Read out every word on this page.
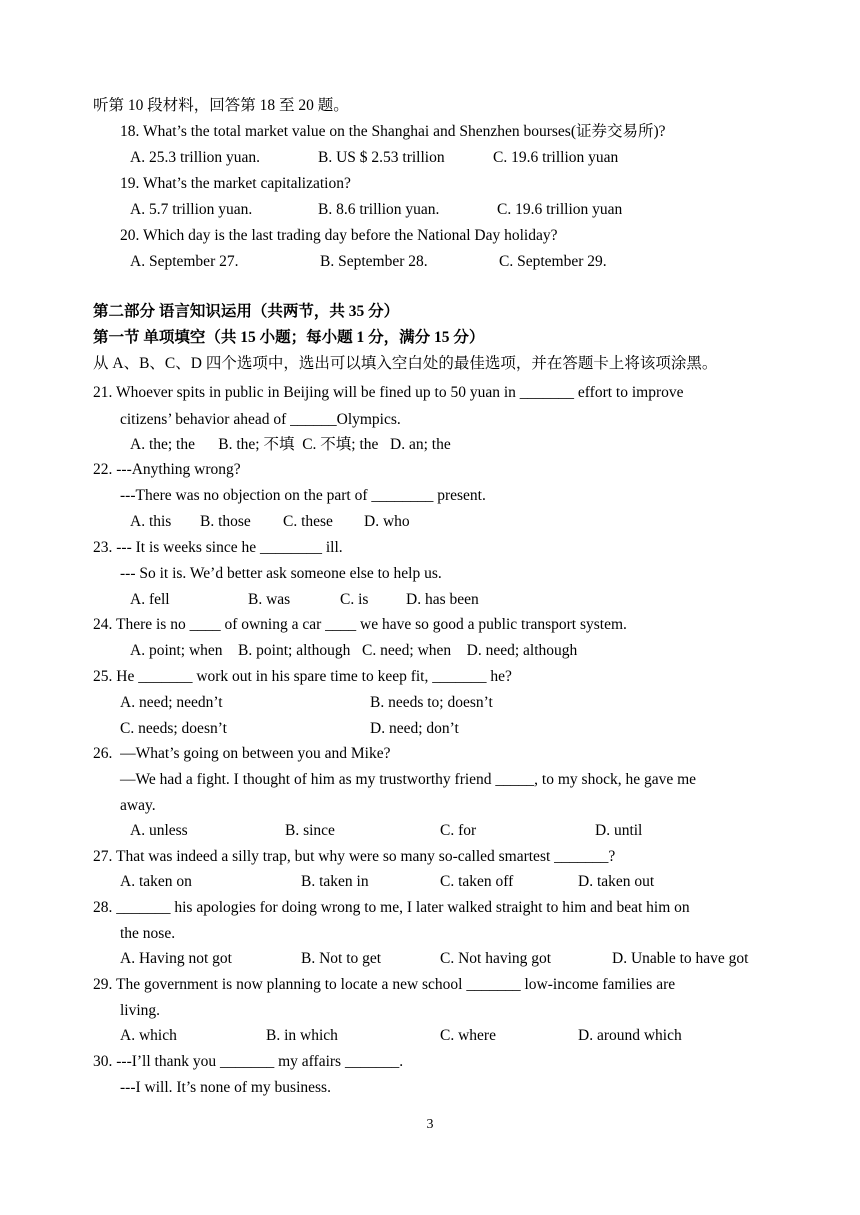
听第 10 段材料，回答第 18 至 20 题。
18. What’s the total market value on the Shanghai and Shenzhen bourses(证券交易所)?
A. 25.3 trillion yuan.	B. US $ 2.53 trillion	C. 19.6 trillion yuan
19. What’s the market capitalization?
A. 5.7 trillion yuan.	B. 8.6 trillion yuan.	C. 19.6 trillion yuan
20. Which day is the last trading day before the National Day holiday?
A. September 27.	B. September 28.	C. September 29.
第二部分 语言知识运用（共两节，共 35 分）
第一节 单项填空（共 15 小题；每小题 1 分，满分 15 分）
从 A、B、C、D 四个选项中，选出可以填入空白处的最佳选项，并在答题卡上将该项涂黑。
21. Whoever spits in public in Beijing will be fined up to 50 yuan in _______ effort to improve
citizens’ behavior ahead of ______Olympics.
A. the; the      B. the; 不填  C. 不填; the   D. an; the
22. ---Anything wrong?
---There was no objection on the part of ________ present.
A. this B. those C. these D. who
23. --- It is weeks since he ________ ill.
--- So it is. We’d better ask someone else to help us.
A. fell	B. was	C. is D. has been
24. There is no ____ of owning a car ____ we have so good a public transport system.
A. point; when    B. point; although   C. need; when    D. need; although
25. He _______ work out in his spare time to keep fit, _______ he?
A. need; needn’t	B. needs to; doesn’t
C. needs; doesn’t	D. need; don’t
26.  —What’s going on between you and Mike?
—We had a fight. I thought of him as my trustworthy friend _____, to my shock, he gave me
away.
A. unless	B. since	C. for	D. until
27. That was indeed a silly trap, but why were so many so-called smartest _______?
A. taken on	B. taken in	C. taken off	D. taken out
28. _______ his apologies for doing wrong to me, I later walked straight to him and beat him on
the nose.
A. Having not got	B. Not to get	C. Not having got	D. Unable to have got
29. The government is now planning to locate a new school _______ low-income families are
living.
A. which	B. in which	C. where	D. around which
30. ---I’ll thank you _______ my affairs _______.
---I will. It’s none of my business.
3
